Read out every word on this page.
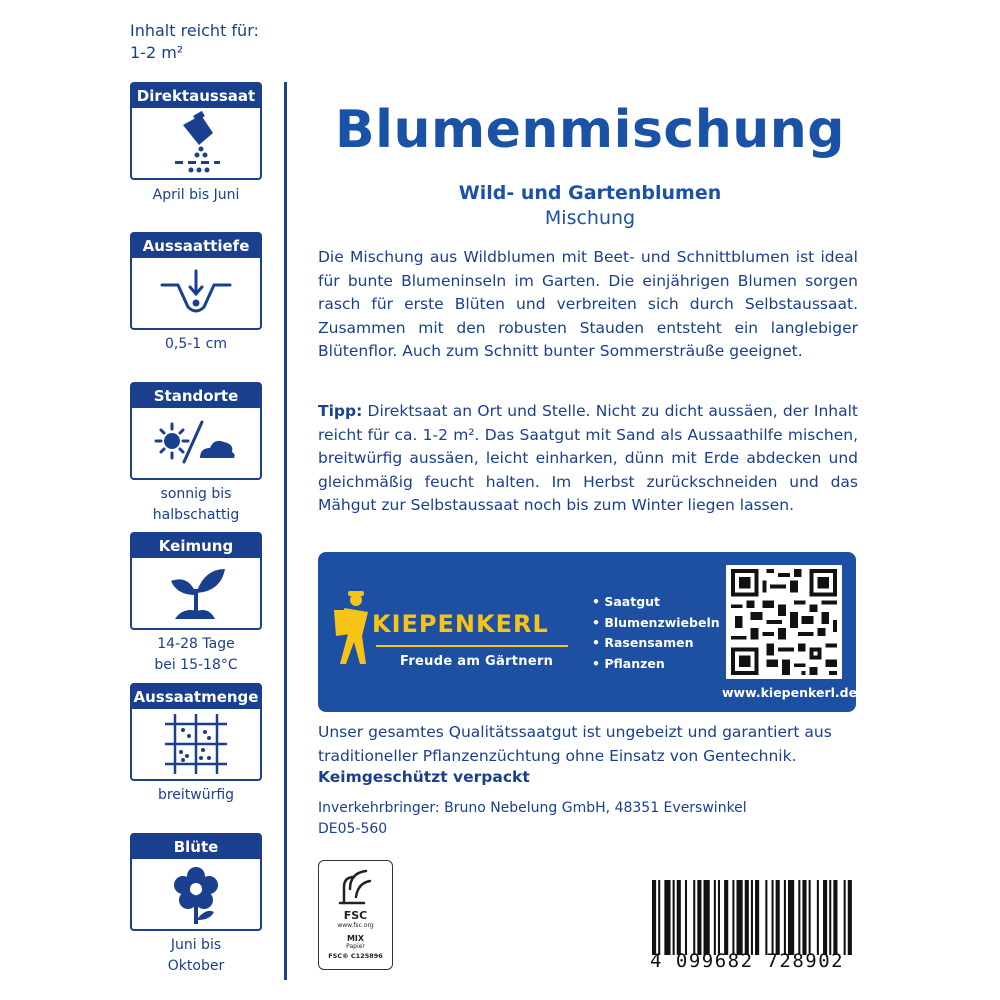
Inhalt reicht für:
1-2 m²
Direktaussaat
April bis Juni
Aussaattiefe
0,5-1 cm
Standorte
sonnig bis
halbschattig
Keimung
14-28 Tage
bei 15-18°C
Aussaatmenge
breitwürfig
Blüte
Juni bis
Oktober
Blumenmischung
Wild- und Gartenblumen
Mischung
Die Mischung aus Wildblumen mit Beet- und Schnittblumen ist ideal für bunte Blumeninseln im Garten. Die einjährigen Blumen sorgen rasch für erste Blüten und verbreiten sich durch Selbstaussaat. Zusammen mit den robusten Stauden entsteht ein langlebiger Blütenflor. Auch zum Schnitt bunter Sommersträuße geeignet.
Tipp: Direktsaat an Ort und Stelle. Nicht zu dicht aussäen, der Inhalt reicht für ca. 1-2 m². Das Saatgut mit Sand als Aussaathilfe mischen, breitwürfig aussäen, leicht einharken, dünn mit Erde abdecken und gleichmäßig feucht halten. Im Herbst zurückschneiden und das Mähgut zur Selbstaussaat noch bis zum Winter liegen lassen.
KIEPENKERL
Freude am Gärtnern
• Saatgut
• Blumenzwiebeln
• Rasensamen
• Pflanzen
www.kiepenkerl.de
Unser gesamtes Qualitätssaatgut ist ungebeizt und garantiert aus traditioneller Pflanzenzüchtung ohne Einsatz von Gentechnik.
Keimgeschützt verpackt
Inverkehrbringer: Bruno Nebelung GmbH, 48351 Everswinkel
DE05-560
FSC
www.fsc.org
MIX
Papier
FSC® C125896	4 099682 728902
